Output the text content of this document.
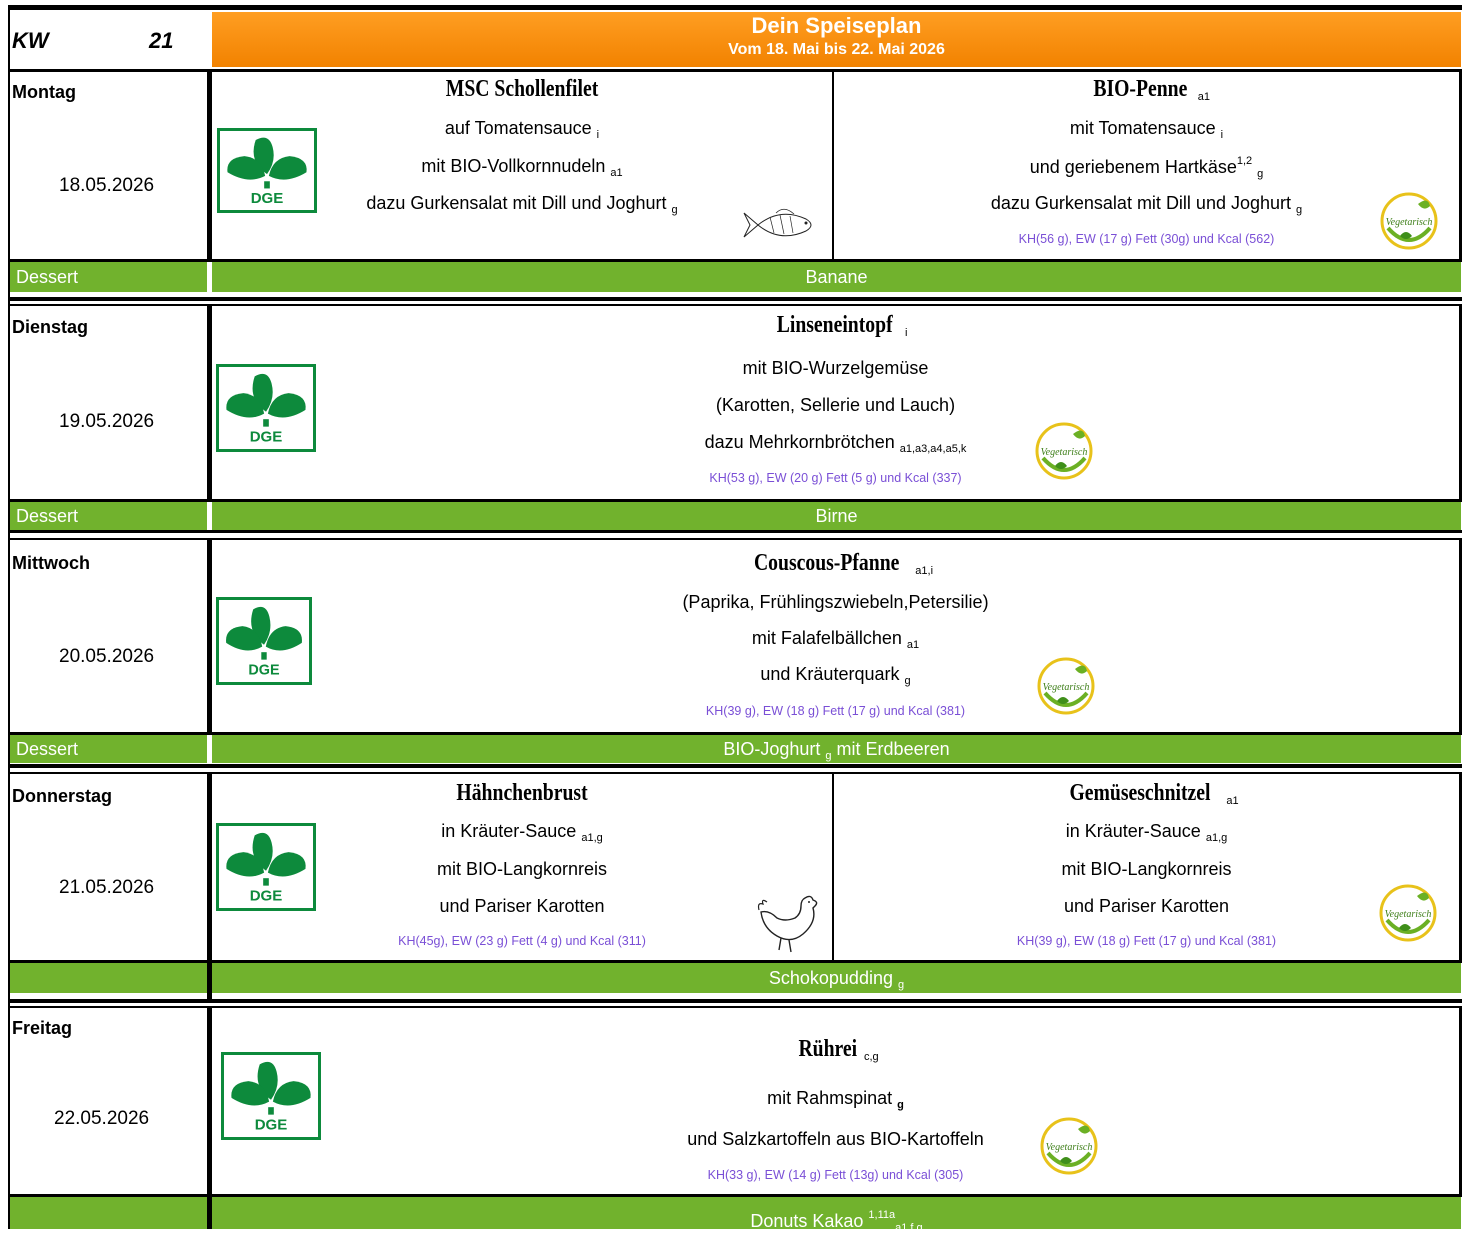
KW	21
Dein Speiseplan
Vom 18. Mai bis 22. Mai 2026
Montag
18.05.2026
DGE
MSC Schollenfilet
auf Tomatensauce $_i$
mit BIO-Vollkornnudeln $_{a1}$
dazu Gurkensalat mit Dill und Joghurt $_g$
BIO-Penne $_{a1}$
mit Tomatensauce $_i$
und geriebenem Hartkäse$^{1,2}$ $_g$
dazu Gurkensalat mit Dill und Joghurt $_g$
KH(56 g), EW (17 g) Fett (30g) und Kcal (562)
Vegetarisch
Dessert	Banane
Dienstag
19.05.2026
DGE
Linseneintopf$_i$
mit BIO-Wurzelgemüse
(Karotten, Sellerie und Lauch)
dazu Mehrkornbrötchen $_{a1,a3,a4,a5,k}$
KH(53 g), EW (20 g) Fett (5 g) und Kcal (337)
Vegetarisch
Dessert	Birne
Mittwoch
20.05.2026
DGE
Couscous-Pfanne$_{a1,i}$
(Paprika, Frühlingszwiebeln,Petersilie)
mit Falafelbällchen $_{a1}$
und Kräuterquark $_g$
KH(39 g), EW (18 g) Fett (17 g) und Kcal (381)
Vegetarisch
Dessert	BIO-Joghurt $_g$ mit Erdbeeren
Donnerstag
21.05.2026	DGE
Hähnchenbrust
in Kräuter-Sauce $_{a1,g}$
mit BIO-Langkornreis
und Pariser Karotten
KH(45g), EW (23 g) Fett (4 g) und Kcal (311)
Gemüseschnitzel$_{a1}$
in Kräuter-Sauce $_{a1,g}$
mit BIO-Langkornreis
und Pariser Karotten
KH(39 g), EW (18 g) Fett (17 g) und Kcal (381)
Vegetarisch
Schokopudding $_g$
Freitag
22.05.2026	DGE
Rührei$_{c,g}$
mit Rahmspinat $_g$
und Salzkartoffeln aus BIO-Kartoffeln
KH(33 g), EW (14 g) Fett (13g) und Kcal (305)
Vegetarisch
Donuts Kakao $^{1,11a}_{a1,f,g}$
